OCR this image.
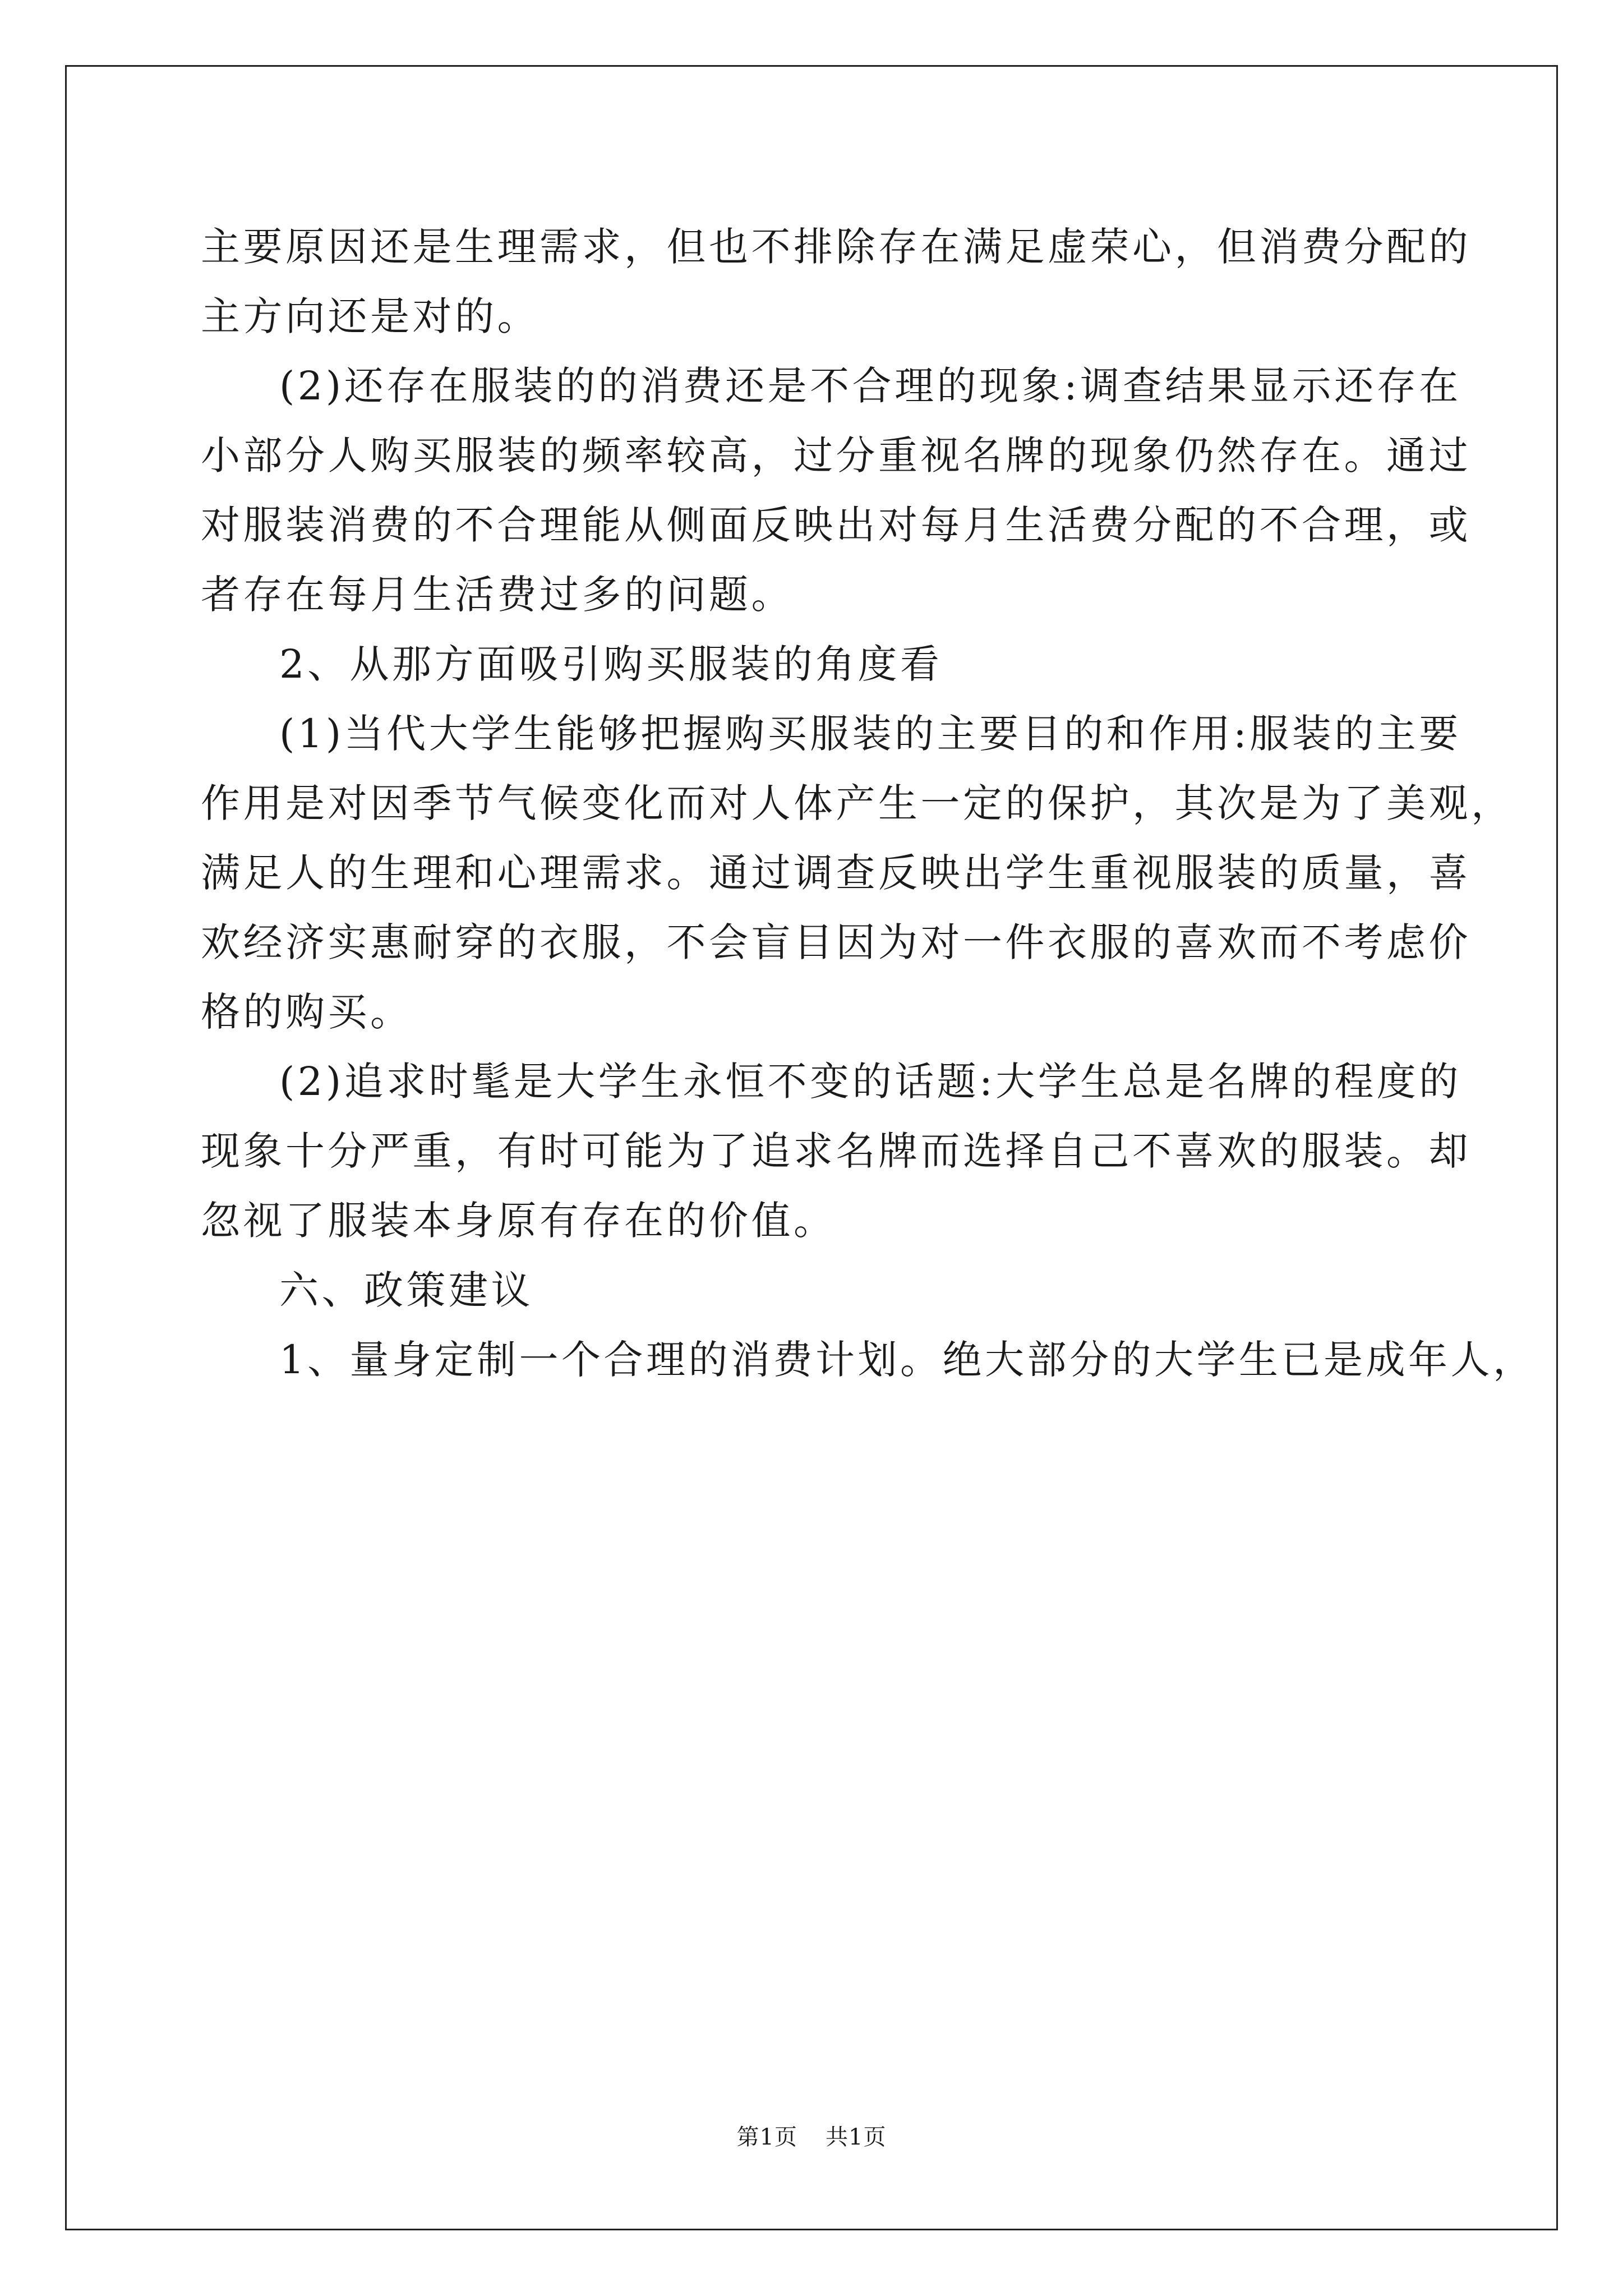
主要原因还是生理需求，但也不排除存在满足虚荣心，但消费分配的
主方向还是对的。
(2)还存在服装的的消费还是不合理的现象:调查结果显示还存在
小部分人购买服装的频率较高，过分重视名牌的现象仍然存在。通过
对服装消费的不合理能从侧面反映出对每月生活费分配的不合理，或
者存在每月生活费过多的问题。
2、从那方面吸引购买服装的角度看
(1)当代大学生能够把握购买服装的主要目的和作用:服装的主要
作用是对因季节气候变化而对人体产生一定的保护，其次是为了美观，
满足人的生理和心理需求。通过调查反映出学生重视服装的质量，喜
欢经济实惠耐穿的衣服，不会盲目因为对一件衣服的喜欢而不考虑价
格的购买。
(2)追求时髦是大学生永恒不变的话题:大学生总是名牌的程度的
现象十分严重，有时可能为了追求名牌而选择自己不喜欢的服装。却
忽视了服装本身原有存在的价值。
六、政策建议
1、量身定制一个合理的消费计划。绝大部分的大学生已是成年人，
第1页 共1页
